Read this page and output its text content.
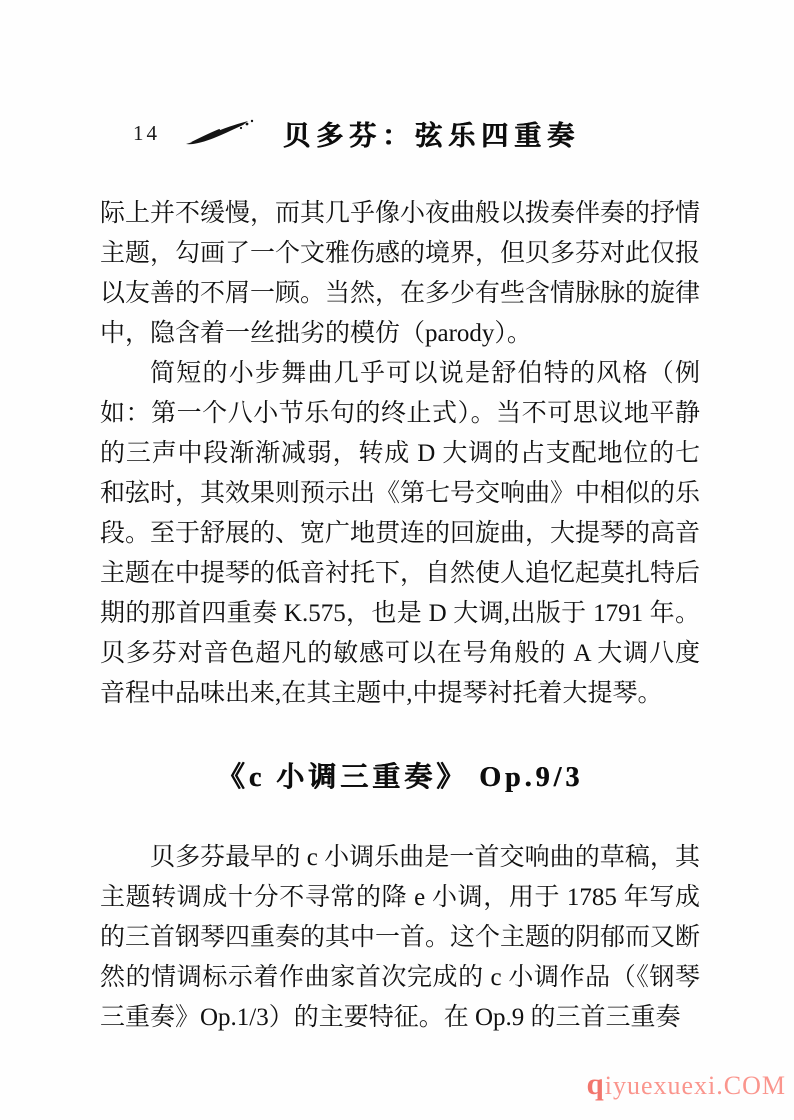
14	贝多芬：弦乐四重奏

际上并不缓慢，而其几乎像小夜曲般以拨奏伴奏的抒情主题，勾画了一个文雅伤感的境界，但贝多芬对此仅报以友善的不屑一顾。当然，在多少有些含情脉脉的旋律中，隐含着一丝拙劣的模仿（parody）。

简短的小步舞曲几乎可以说是舒伯特的风格（例如：第一个八小节乐句的终止式）。当不可思议地平静的三声中段渐渐减弱，转成 D 大调的占支配地位的七和弦时，其效果则预示出《第七号交响曲》中相似的乐段。至于舒展的、宽广地贯连的回旋曲，大提琴的高音主题在中提琴的低音衬托下，自然使人追忆起莫扎特后期的那首四重奏 K.575，也是 D 大调,出版于 1791 年。贝多芬对音色超凡的敏感可以在号角般的 A 大调八度音程中品味出来,在其主题中,中提琴衬托着大提琴。

《c 小调三重奏》 Op.9/3

贝多芬最早的 c 小调乐曲是一首交响曲的草稿，其主题转调成十分不寻常的降 e 小调，用于 1785 年写成的三首钢琴四重奏的其中一首。这个主题的阴郁而又断然的情调标示着作曲家首次完成的 c 小调作品（《钢琴三重奏》Op.1/3）的主要特征。在 Op.9 的三首三重奏

qiyuexuexi.COM
